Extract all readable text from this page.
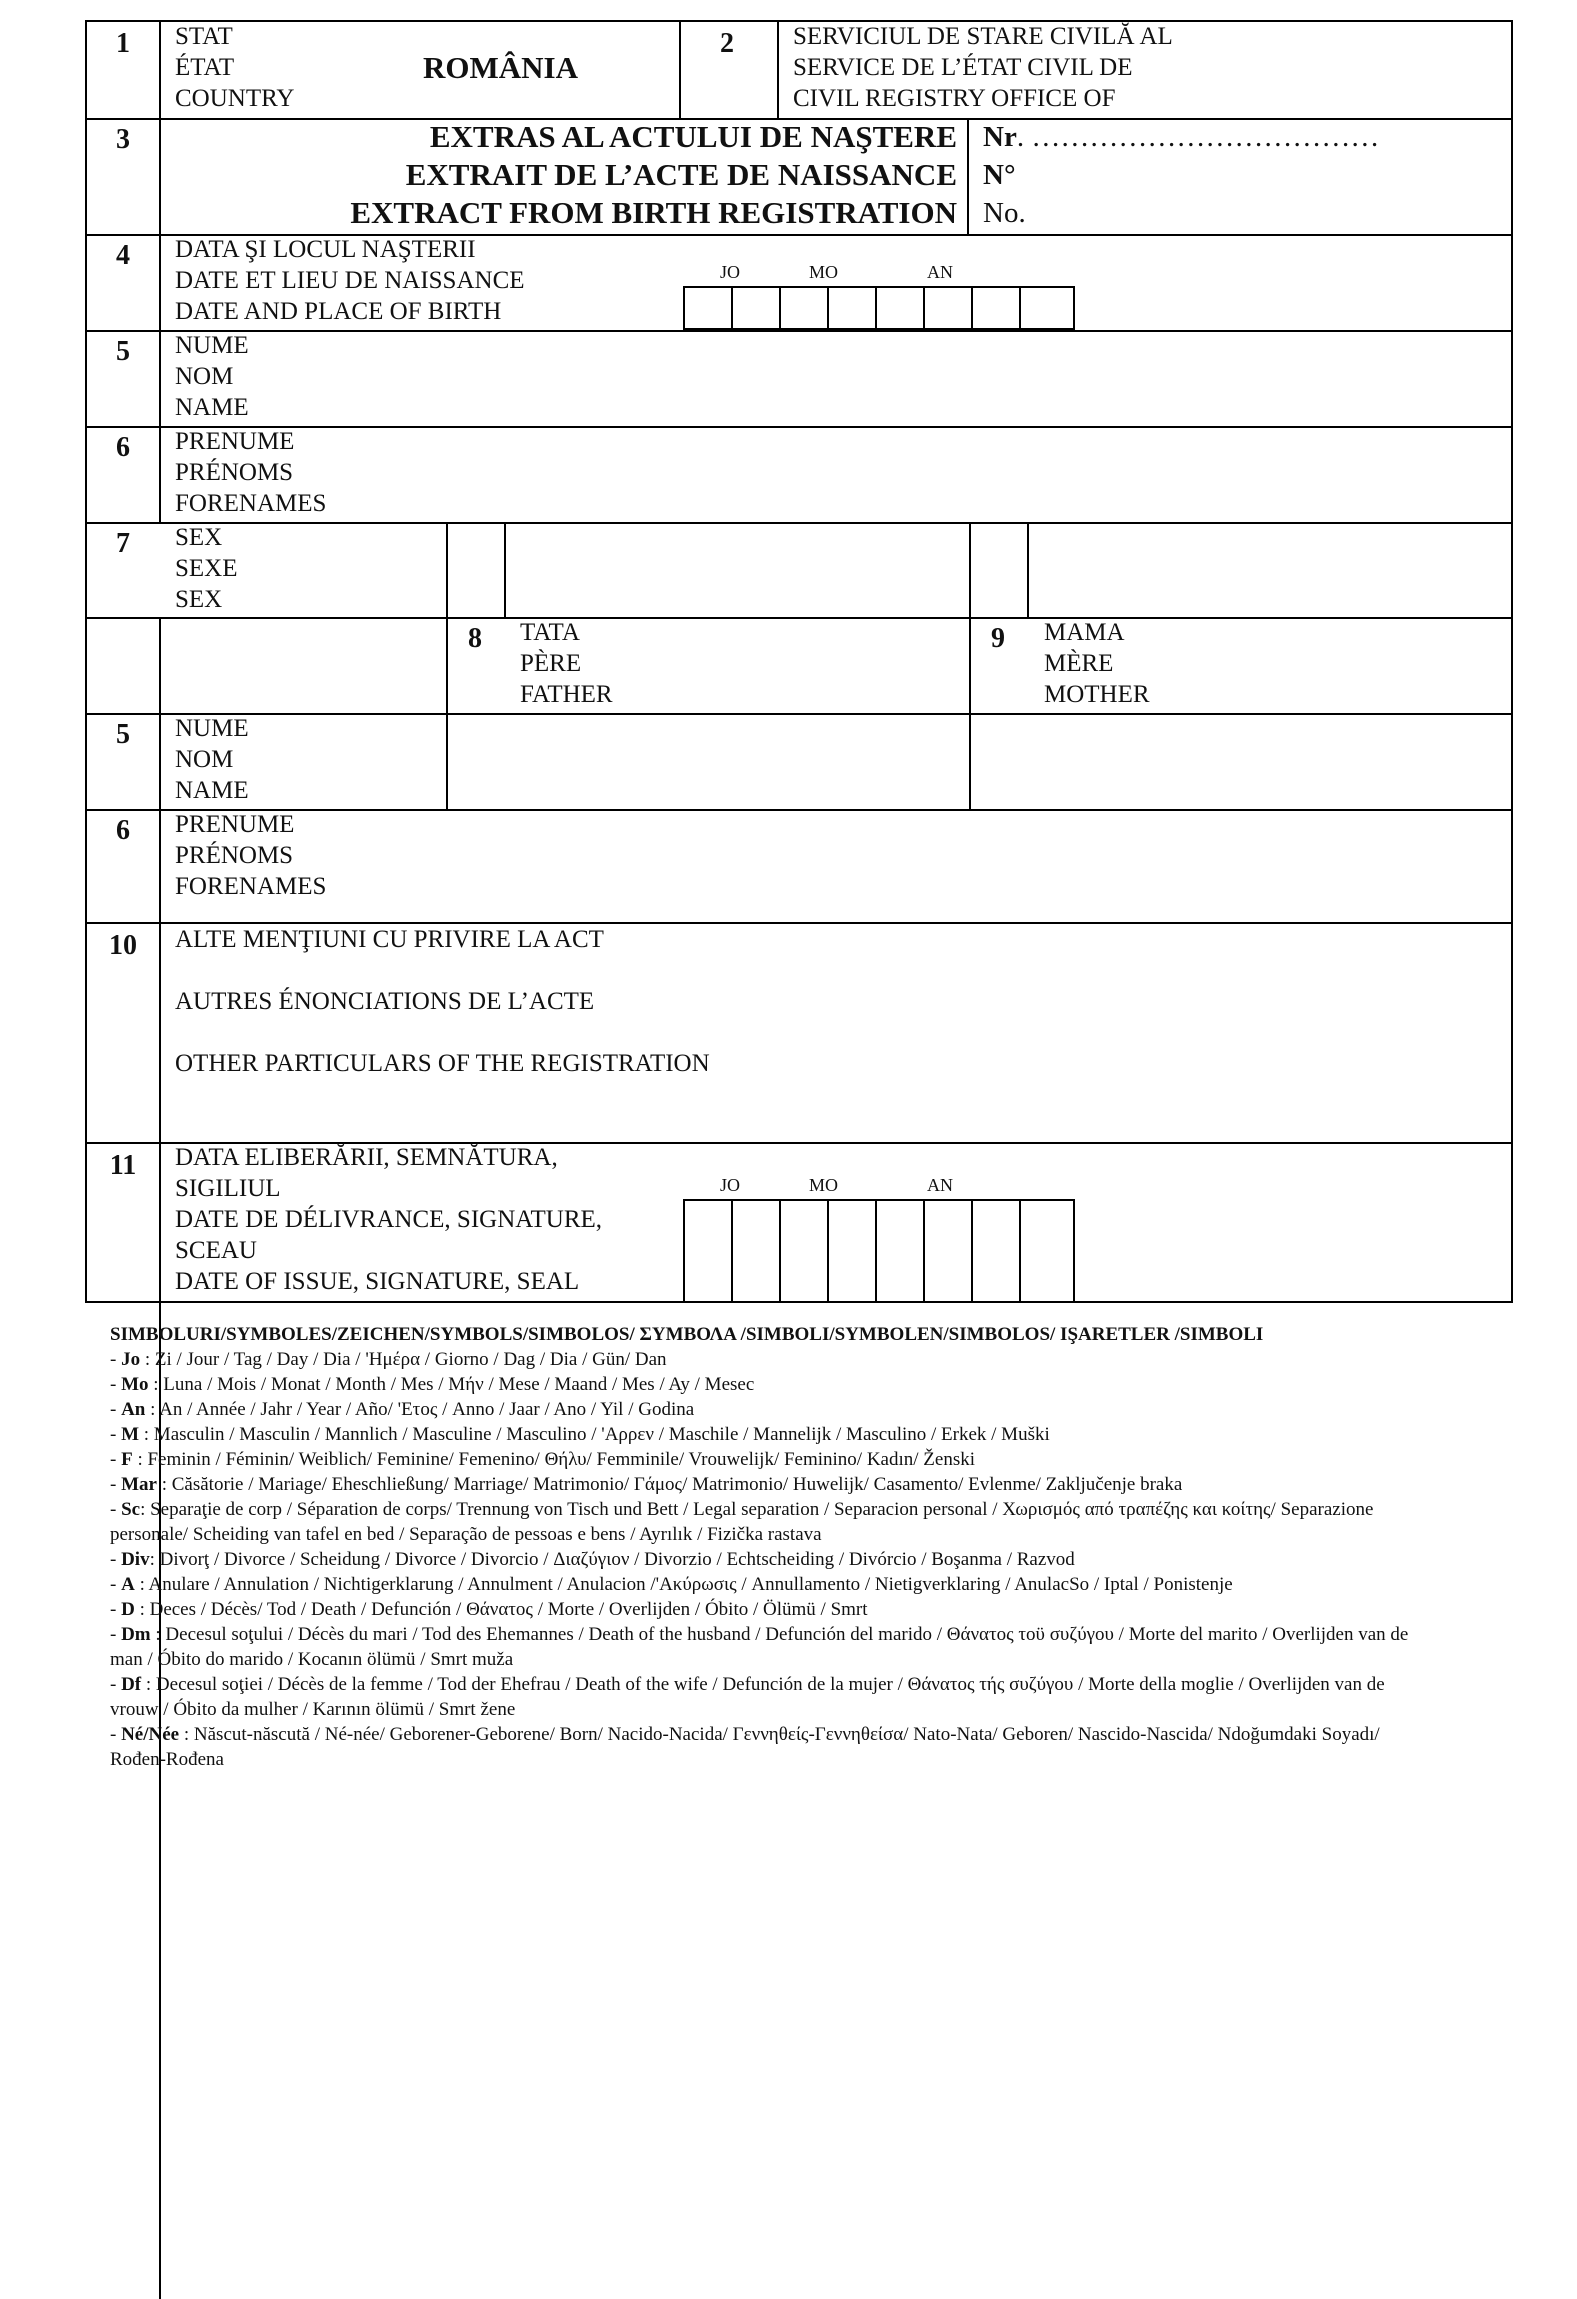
1	STAT
ÉTAT
COUNTRY
ROMÂNIA
2	SERVICIUL DE STARE CIVILĂ AL
SERVICE DE L’ÉTAT CIVIL DE
CIVIL REGISTRY OFFICE OF
3	EXTRAS AL ACTULUI DE NAŞTERE
EXTRAIT DE L’ACTE DE NAISSANCE
EXTRACT FROM BIRTH REGISTRATION
Nr. ………………………………
N°
No.
4	DATA ŞI LOCUL NAŞTERII
DATE ET LIEU DE NAISSANCE
DATE AND PLACE OF BIRTH
JO	MO	AN
5	NUME
NOM
NAME
6	PRENUME
PRÉNOMS
FORENAMES
7	SEX
SEXE
SEX
8	TATA
PÈRE
FATHER
9	MAMA
MÈRE
MOTHER
5	NUME
NOM
NAME
6	PRENUME
PRÉNOMS
FORENAMES
10	ALTE MENŢIUNI CU PRIVIRE LA ACT
AUTRES ÉNONCIATIONS DE L’ACTE
OTHER PARTICULARS OF THE REGISTRATION
11	DATA ELIBERĂRII, SEMNĂTURA,
SIGILIUL
DATE DE DÉLIVRANCE, SIGNATURE,
SCEAU
DATE OF ISSUE, SIGNATURE, SEAL
JO	MO	AN
SIMBOLURI/SYMBOLES/ZEICHEN/SYMBOLS/SIMBOLOS/ ΣΥΜΒΟΛΑ /SIMBOLI/SYMBOLEN/SIMBOLOS/ IŞARETLER /SIMBOLI
- Jo : Zi / Jour / Tag / Day / Dia / 'Ημέρα / Giorno / Dag / Dia / Gün/ Dan
- Mo : Luna / Mois / Monat / Month / Mes / Μήν / Mese / Maand / Mes / Ay / Mesec
- An : An / Année / Jahr / Year / Año/ 'Ετος / Anno / Jaar / Ano / Yil / Godina
- M : Masculin / Masculin / Mannlich / Masculine / Masculino / 'Αρρεν / Maschile / Mannelijk / Masculino / Erkek / Muški
- F : Feminin / Féminin/ Weiblich/ Feminine/ Femenino/ Θήλυ/ Femminile/ Vrouwelijk/ Feminino/ Kadın/ Ženski
- Mar : Căsătorie / Mariage/ Eheschließung/ Marriage/ Matrimonio/ Γάμος/ Matrimonio/ Huwelijk/ Casamento/ Evlenme/ Zaključenje braka
- Sc: Separaţie de corp / Séparation de corps/ Trennung von Tisch und Bett / Legal separation / Separacion personal / Χωρισμός από τραπέζης και κοίτης/ Separazione personale/ Scheiding van tafel en bed / Separação de pessoas e bens / Ayrılık / Fizička rastava
- Div: Divorţ / Divorce / Scheidung / Divorce / Divorcio / Διαζύγιον / Divorzio / Echtscheiding / Divórcio / Boşanma / Razvod
- A : Anulare / Annulation / Nichtigerklarung / Annulment / Anulacion /'Ακύρωσις / Annullamento / Nietigverklaring / AnulacSo / Iptal / Ponistenje
- D : Deces / Décès/ Tod / Death / Defunción / Θάνατος / Morte / Overlijden / Óbito / Ölümü / Smrt
- Dm : Decesul soţului / Décès du mari / Tod des Ehemannes / Death of the husband / Defunción del marido / Θάνατος τοϋ συζύγου / Morte del marito / Overlijden van de man / Óbito do marido / Kocanın ölümü / Smrt muža
- Df : Decesul soţiei / Décès de la femme / Tod der Ehefrau / Death of the wife / Defunción de la mujer / Θάνατος τής συζύγου / Morte della moglie / Overlijden van de vrouw / Óbito da mulher / Karının ölümü / Smrt žene
- Né/Née : Născut-născută / Né-née/ Geborener-Geborene/ Born/ Nacido-Nacida/ Γεννηθείς-Γεννηθείσα/ Nato-Nata/ Geboren/ Nascido-Nascida/ Ndoğumdaki Soyadı/ Rođen-Rođena
